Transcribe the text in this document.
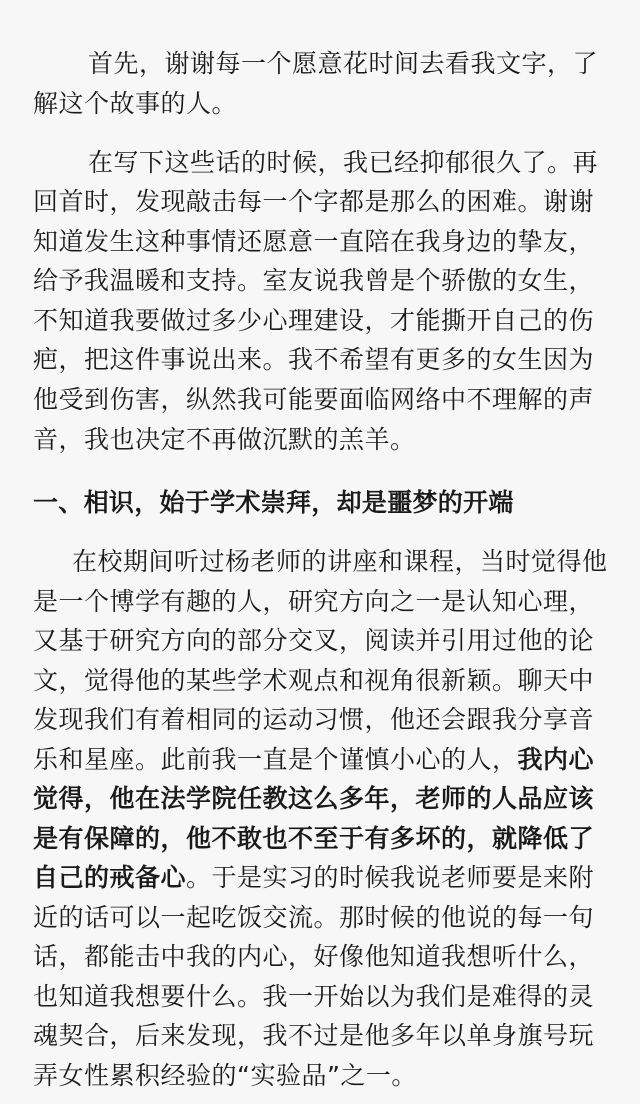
首先，谢谢每一个愿意花时间去看我文字，了
解这个故事的人。
在写下这些话的时候，我已经抑郁很久了。再
回首时，发现敲击每一个字都是那么的困难。谢谢
知道发生这种事情还愿意一直陪在我身边的挚友，
给予我温暖和支持。室友说我曾是个骄傲的女生，
不知道我要做过多少心理建设，才能撕开自己的伤
疤，把这件事说出来。我不希望有更多的女生因为
他受到伤害，纵然我可能要面临网络中不理解的声
音，我也决定不再做沉默的羔羊。
一、相识，始于学术崇拜，却是噩梦的开端
在校期间听过杨老师的讲座和课程，当时觉得他
是一个博学有趣的人，研究方向之一是认知心理，
又基于研究方向的部分交叉，阅读并引用过他的论
文，觉得他的某些学术观点和视角很新颖。聊天中
发现我们有着相同的运动习惯，他还会跟我分享音
乐和星座。此前我一直是个谨慎小心的人，我内心
觉得，他在法学院任教这么多年，老师的人品应该
是有保障的，他不敢也不至于有多坏的，就降低了
自己的戒备心。于是实习的时候我说老师要是来附
近的话可以一起吃饭交流。那时候的他说的每一句
话，都能击中我的内心，好像他知道我想听什么，
也知道我想要什么。我一开始以为我们是难得的灵
魂契合，后来发现，我不过是他多年以单身旗号玩
弄女性累积经验的“实验品”之一。
